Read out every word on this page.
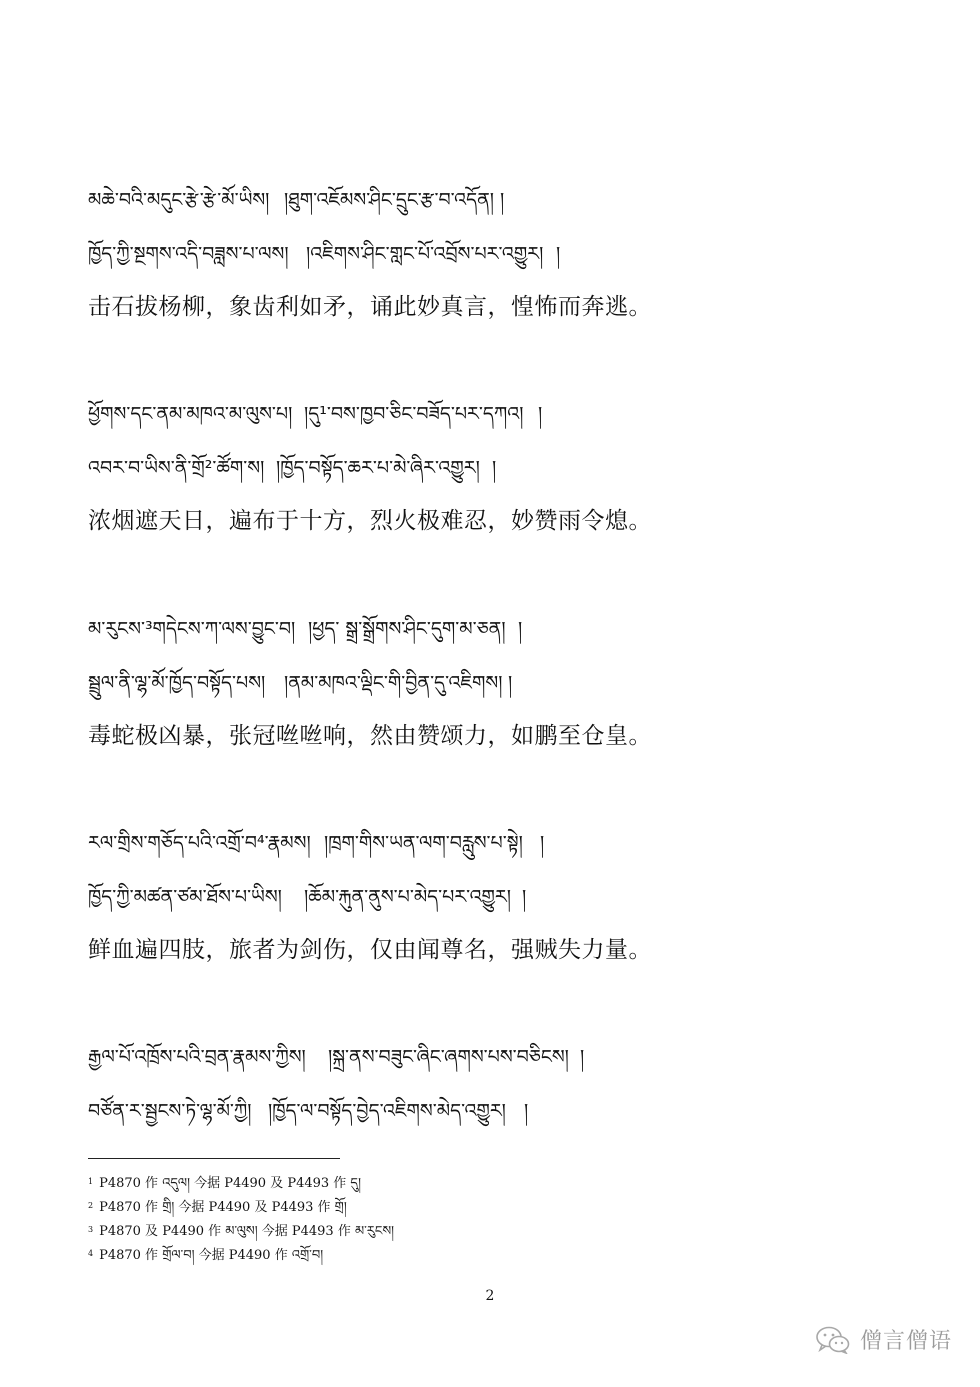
མཆེ་བའི་མདུང་རྩེ་རྩེ་མོ་ཡིས། །ཐུག་འཇོམས་ཤིང་དྲུང་རྩ་བ་འདོན། །
ཁྱོད་ཀྱི་སྔགས་འདི་བཟླས་པ་ལས། །འཇིགས་ཤིང་གླང་པོ་འབྲོས་པར་འགྱུར། །
击石拔杨柳，象齿利如矛，诵此妙真言，惶怖而奔逃。
ཕྱོགས་དང་ནམ་མཁའ་མ་ལུས་པ། །དུ¹་བས་ཁྱབ་ཅིང་བཟོད་པར་དཀའ། །
འབར་བ་ཡིས་ནི་གྲོ²་ཚོག་ས། །ཁྱོད་བསྟོད་ཆར་པ་མེ་ཞིར་འགྱུར། །
浓烟遮天日，遍布于十方，烈火极难忍，妙赞雨令熄。
མ་རུངས་³གདེངས་ཀ་ལས་བྱུང་བ། །ཕྱད་ སྒྲ་སྒྲོགས་ཤིང་དུག་མ་ཅན། །
སྦྲུལ་ནི་ལྷ་མོ་ཁྱོད་བསྟོད་པས། །ནམ་མཁའ་ལྡིང་གི་བྱིན་དུ་འཇིགས། །
毒蛇极凶暴，张冠咝咝响，然由赞颂力，如鹏至仓皇。
རལ་གྲིས་གཅོད་པའི་འགྲོ་བ⁴་རྣམས། །ཁྲག་གིས་ཡན་ལག་བརླུས་པ་སྟེ། །
ཁྱོད་ཀྱི་མཚན་ཙམ་ཐོས་པ་ཡིས། །ཆོམ་རྐུན་ནུས་པ་མེད་པར་འགྱུར། །
鲜血遍四肢，旅者为剑伤，仅由闻尊名，强贼失力量。
རྒྱལ་པོ་འཁྲོས་པའི་བྲན་རྣམས་ཀྱིས། །སྐྲ་ནས་བཟུང་ཞིང་ཞགས་པས་བཅིངས། །
བཙོན་ར་སྦྱངས་ཏེ་ལྷ་མོ་ཀྱི། །ཁྱོད་ལ་བསྟོད་བྱེད་འཇིགས་མེད་འགྱུར། །
$^1$ P4870 作 འདུལ། 今据 P4490 及 P4493 作 དུ།
$^2$ P4870 作 གྲི། 今据 P4490 及 P4493 作 གྲོ།
$^3$ P4870 及 P4490 作 མ་ལུས། 今据 P4493 作 མ་རུངས།
$^4$ P4870 作 གྲོལ་བ། 今据 P4490 作 འགྲོ་བ།
2
僧言僧语
